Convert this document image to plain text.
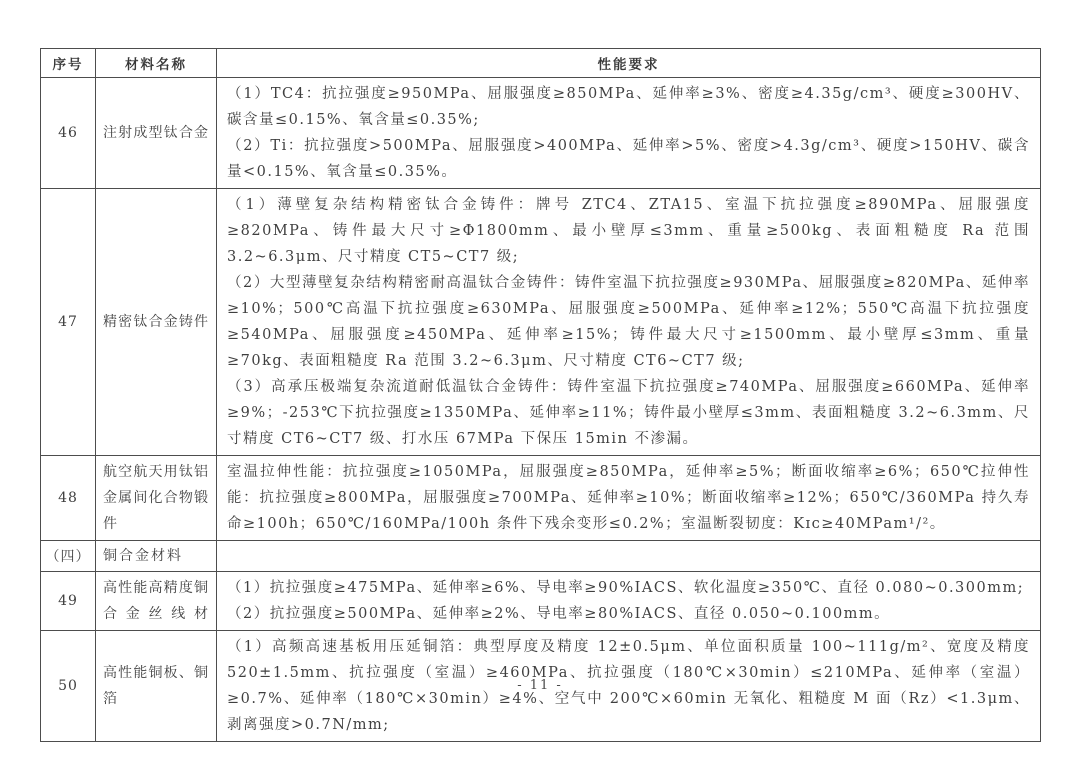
序号	材料名称	性能要求
46	注射成型钛合金	（1）TC4：抗拉强度≥950MPa、屈服强度≥850MPa、延伸率≥3%、密度≥4.35g/cm³、硬度≥300HV、碳含量≤0.15%、氧含量≤0.35%;

（2）Ti：抗拉强度>500MPa、屈服强度>400MPa、延伸率>5%、密度>4.3g/cm³、硬度>150HV、碳含量<0.15%、氧含量≤0.35%。

47	精密钛合金铸件	（1）薄壁复杂结构精密钛合金铸件：牌号 ZTC4、ZTA15、室温下抗拉强度≥890MPa、屈服强度≥820MPa、铸件最大尺寸≥Φ1800mm、最小壁厚≤3mm、重量≥500kg、表面粗糙度 Ra 范围 3.2~6.3μm、尺寸精度 CT5~CT7 级;

（2）大型薄壁复杂结构精密耐高温钛合金铸件：铸件室温下抗拉强度≥930MPa、屈服强度≥820MPa、延伸率≥10%；500℃高温下抗拉强度≥630MPa、屈服强度≥500MPa、延伸率≥12%；550℃高温下抗拉强度≥540MPa、屈服强度≥450MPa、延伸率≥15%；铸件最大尺寸≥1500mm、最小壁厚≤3mm、重量≥70kg、表面粗糙度 Ra 范围 3.2~6.3μm、尺寸精度 CT6~CT7 级;

（3）高承压极端复杂流道耐低温钛合金铸件：铸件室温下抗拉强度≥740MPa、屈服强度≥660MPa、延伸率≥9%；-253℃下抗拉强度≥1350MPa、延伸率≥11%；铸件最小壁厚≤3mm、表面粗糙度 3.2~6.3mm、尺寸精度 CT6~CT7 级、打水压 67MPa 下保压 15min 不渗漏。

48	航空航天用钛铝金属间化合物锻件	室温拉伸性能：抗拉强度≥1050MPa，屈服强度≥850MPa，延伸率≥5%；断面收缩率≥6%；650℃拉伸性能：抗拉强度≥800MPa，屈服强度≥700MPa、延伸率≥10%；断面收缩率≥12%；650℃/360MPa 持久寿命≥100h；650℃/160MPa/100h 条件下残余变形≤0.2%；室温断裂韧度：Kɪᴄ≥40MPam¹/²。

（四）	铜合金材料	
49	高性能高精度铜合金丝线材	（1）抗拉强度≥475MPa、延伸率≥6%、导电率≥90%IACS、软化温度≥350℃、直径 0.080~0.300mm;

（2）抗拉强度≥500MPa、延伸率≥2%、导电率≥80%IACS、直径 0.050~0.100mm。

50	高性能铜板、铜箔	（1）高频高速基板用压延铜箔：典型厚度及精度 12±0.5μm、单位面积质量 100~111g/m²、宽度及精度 520±1.5mm、抗拉强度（室温）≥460MPa、抗拉强度（180℃×30min）≤210MPa、延伸率（室温）≥0.7%、延伸率（180℃×30min）≥4%、空气中 200℃×60min 无氧化、粗糙度 M 面（Rz）<1.3μm、剥离强度>0.7N/mm;

- 11 -
